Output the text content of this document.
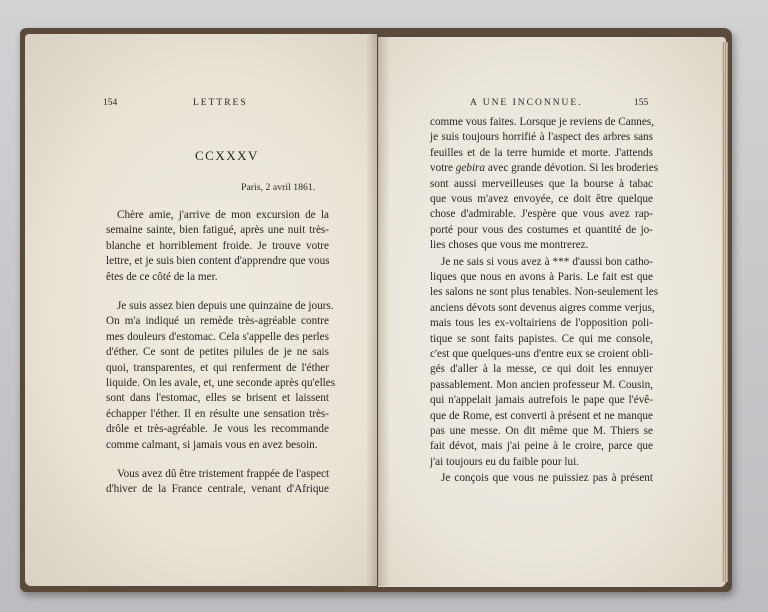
154	LETTRES
CCXXXV
Paris, 2 avril 1861.
Chère amie, j'arrive de mon excursion de la
semaine sainte, bien fatigué, après une nuit très-
blanche et horriblement froide. Je trouve votre
lettre, et je suis bien content d'apprendre que vous
êtes de ce côté de la mer.
Je suis assez bien depuis une quinzaine de jours.
On m'a indiqué un remède très-agréable contre
mes douleurs d'estomac. Cela s'appelle des perles
d'éther. Ce sont de petites pilules de je ne sais
quoi, transparentes, et qui renferment de l'éther
liquide. On les avale, et, une seconde après qu'elles
sont dans l'estomac, elles se brisent et laissent
échapper l'éther. Il en résulte une sensation très-
drôle et très-agréable. Je vous les recommande
comme calmant, si jamais vous en avez besoin.
Vous avez dû être tristement frappée de l'aspect
d'hiver de la France centrale, venant d'Afrique
A UNE INCONNUE.	155
comme vous faites. Lorsque je reviens de Cannes,
je suis toujours horrifié à l'aspect des arbres sans
feuilles et de la terre humide et morte. J'attends
votre gebira avec grande dévotion. Si les broderies
sont aussi merveilleuses que la bourse à tabac
que vous m'avez envoyée, ce doit être quelque
chose d'admirable. J'espère que vous avez rap-
porté pour vous des costumes et quantité de jo-
lies choses que vous me montrerez.
Je ne sais si vous avez à *** d'aussi bon catho-
liques que nous en avons à Paris. Le fait est que
les salons ne sont plus tenables. Non-seulement les
anciens dévots sont devenus aigres comme verjus,
mais tous les ex-voltairiens de l'opposition poli-
tique se sont faits papistes. Ce qui me console,
c'est que quelques-uns d'entre eux se croient obli-
gés d'aller à la messe, ce qui doit les ennuyer
passablement. Mon ancien professeur M. Cousin,
qui n'appelait jamais autrefois le pape que l'évê-
que de Rome, est converti à présent et ne manque
pas une messe. On dit même que M. Thiers se
fait dévot, mais j'ai peine à le croire, parce que
j'ai toujours eu du faible pour lui.
Je conçois que vous ne puissiez pas à présent
